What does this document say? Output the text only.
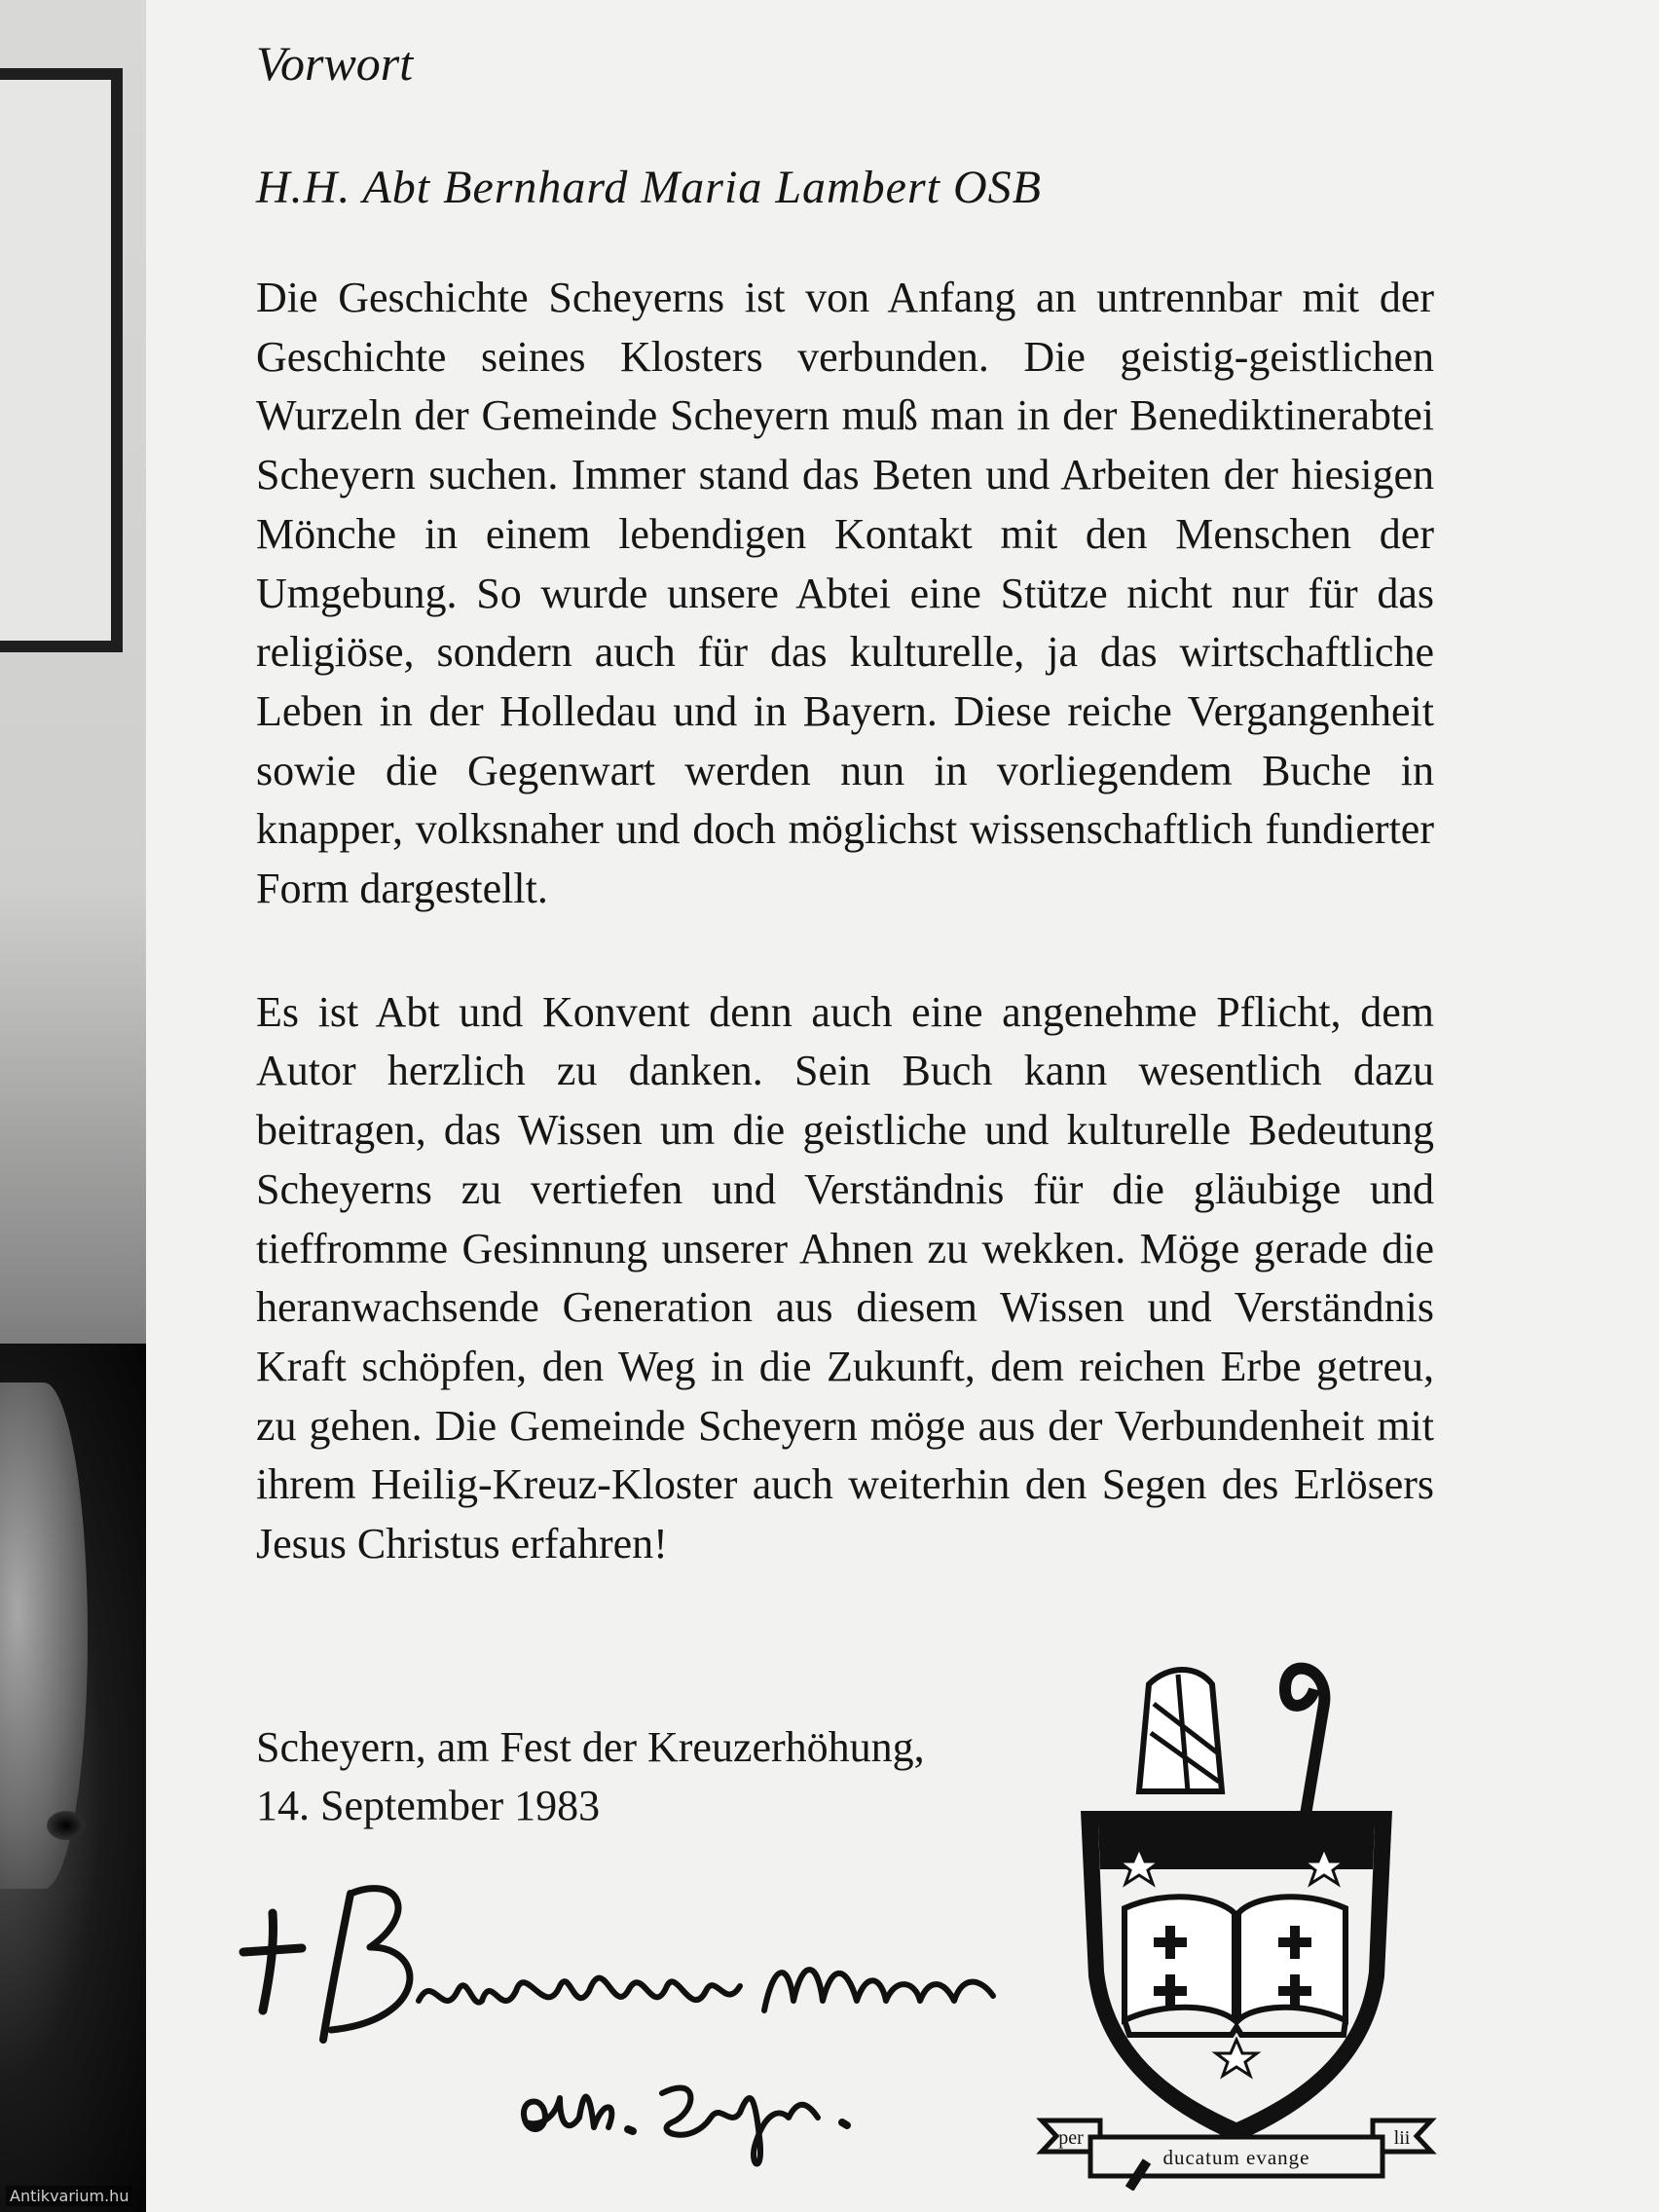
Vorwort

H.H. Abt Bernhard Maria Lambert OSB

Die Geschichte Scheyerns ist von Anfang an untrennbar mit der Geschichte seines Klosters verbunden. Die geistig-geistlichen Wurzeln der Gemeinde Scheyern muß man in der Benediktinerabtei Scheyern suchen. Immer stand das Beten und Arbeiten der hiesigen Mönche in einem lebendigen Kontakt mit den Menschen der Umgebung. So wurde unsere Abtei eine Stütze nicht nur für das religiöse, sondern auch für das kulturelle, ja das wirtschaftliche Leben in der Holledau und in Bayern. Diese reiche Vergangenheit sowie die Gegenwart werden nun in vorliegendem Buche in knapper, volksnaher und doch möglichst wissenschaftlich fundierter Form dargestellt.

Es ist Abt und Konvent denn auch eine angenehme Pflicht, dem Autor herzlich zu danken. Sein Buch kann wesentlich dazu beitragen, das Wissen um die geistliche und kulturelle Bedeutung Scheyerns zu vertiefen und Verständnis für die gläubige und tieffromme Gesinnung unserer Ahnen zu wekken. Möge gerade die heranwachsende Generation aus diesem Wissen und Verständnis Kraft schöpfen, den Weg in die Zukunft, dem reichen Erbe getreu, zu gehen. Die Gemeinde Scheyern möge aus der Verbundenheit mit ihrem Heilig-Kreuz-Kloster auch weiterhin den Segen des Erlösers Jesus Christus erfahren!

Scheyern, am Fest der Kreuzerhöhung,
14. September 1983
per
ducatum evange
lii
Antikvarium.hu
